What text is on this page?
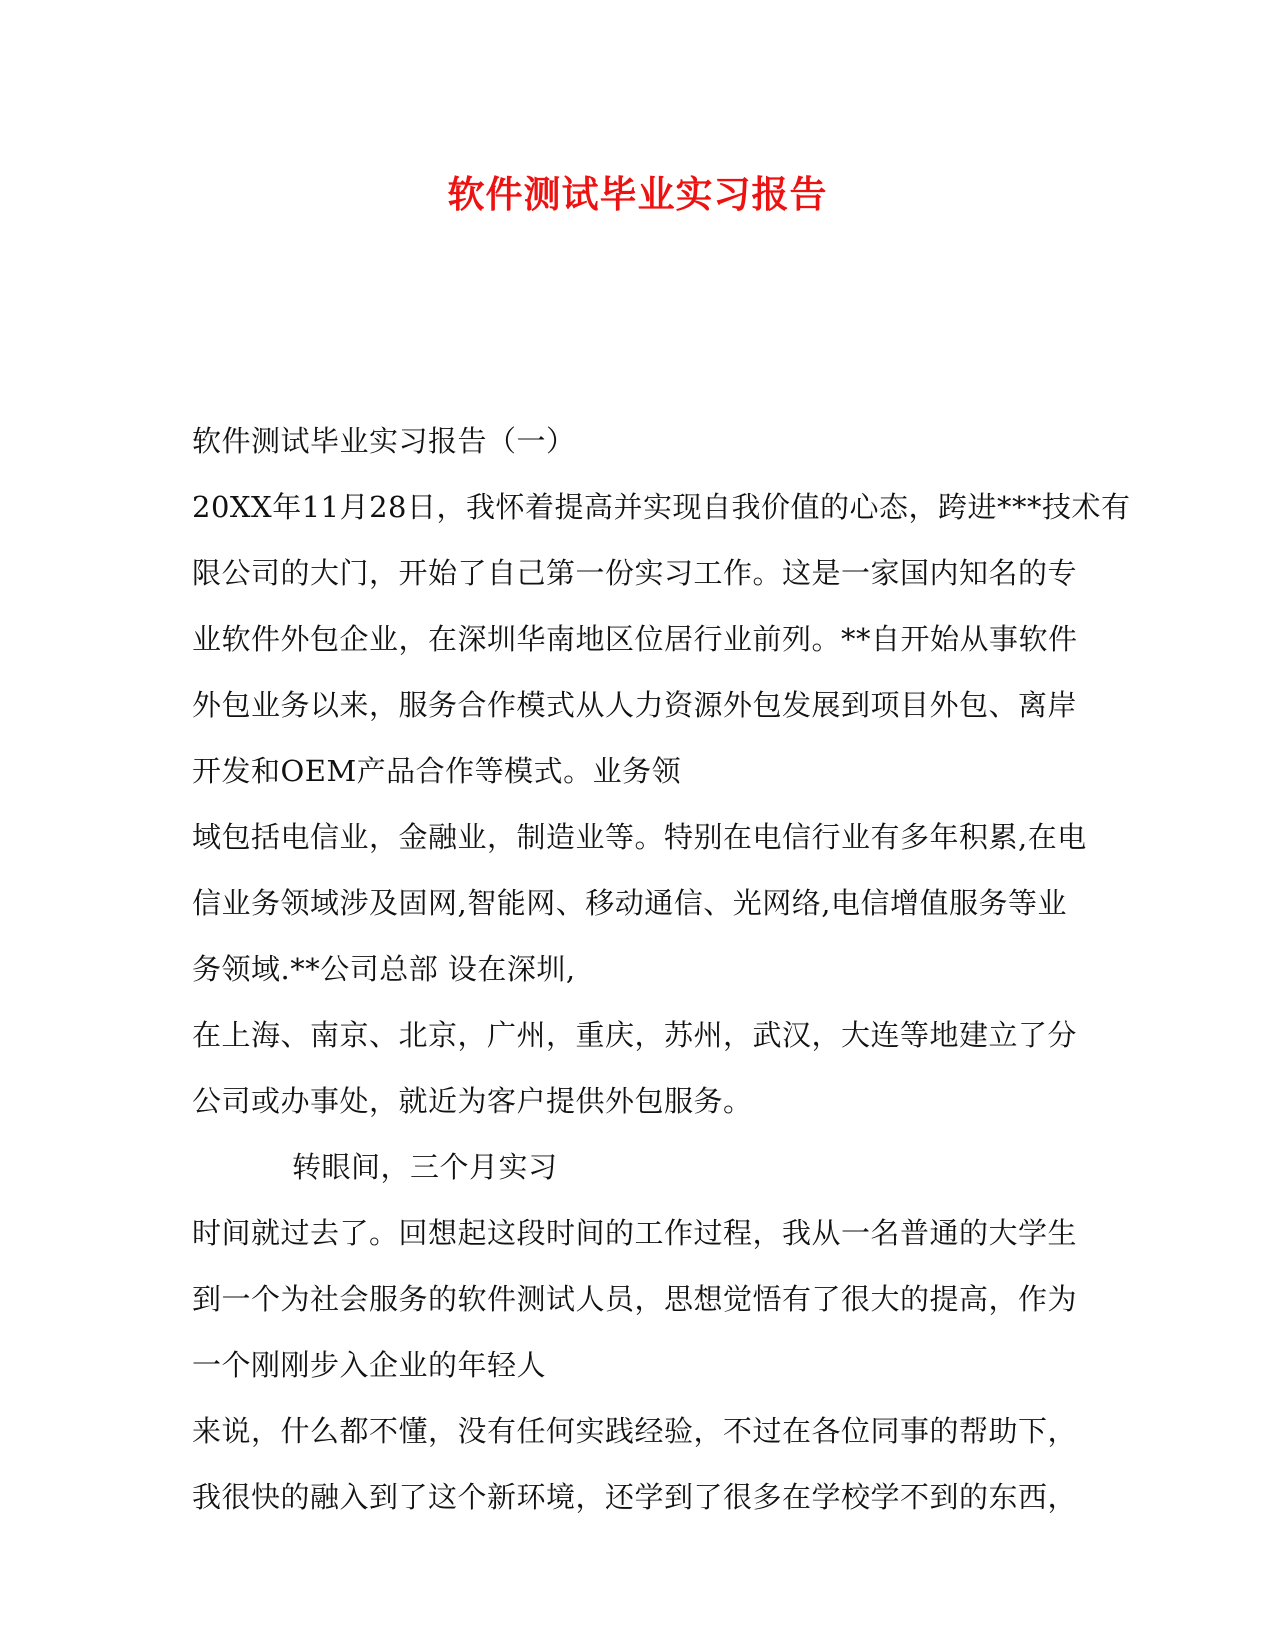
软件测试毕业实习报告
软件测试毕业实习报告（一）
20XX年11月28日，我怀着提高并实现自我价值的心态，跨进***技术有
限公司的大门，开始了自己第一份实习工作。这是一家国内知名的专
业软件外包企业，在深圳华南地区位居行业前列。**自开始从事软件
外包业务以来，服务合作模式从人力资源外包发展到项目外包、离岸
开发和OEM产品合作等模式。业务领
域包括电信业，金融业，制造业等。特别在电信行业有多年积累,在电
信业务领域涉及固网,智能网、移动通信、光网络,电信增值服务等业
务领域.**公司总部 设在深圳,
在上海、南京、北京，广州，重庆，苏州，武汉，大连等地建立了分
公司或办事处，就近为客户提供外包服务。
转眼间，三个月实习
时间就过去了。回想起这段时间的工作过程，我从一名普通的大学生
到一个为社会服务的软件测试人员，思想觉悟有了很大的提高，作为
一个刚刚步入企业的年轻人
来说，什么都不懂，没有任何实践经验，不过在各位同事的帮助下，
我很快的融入到了这个新环境，还学到了很多在学校学不到的东西，
